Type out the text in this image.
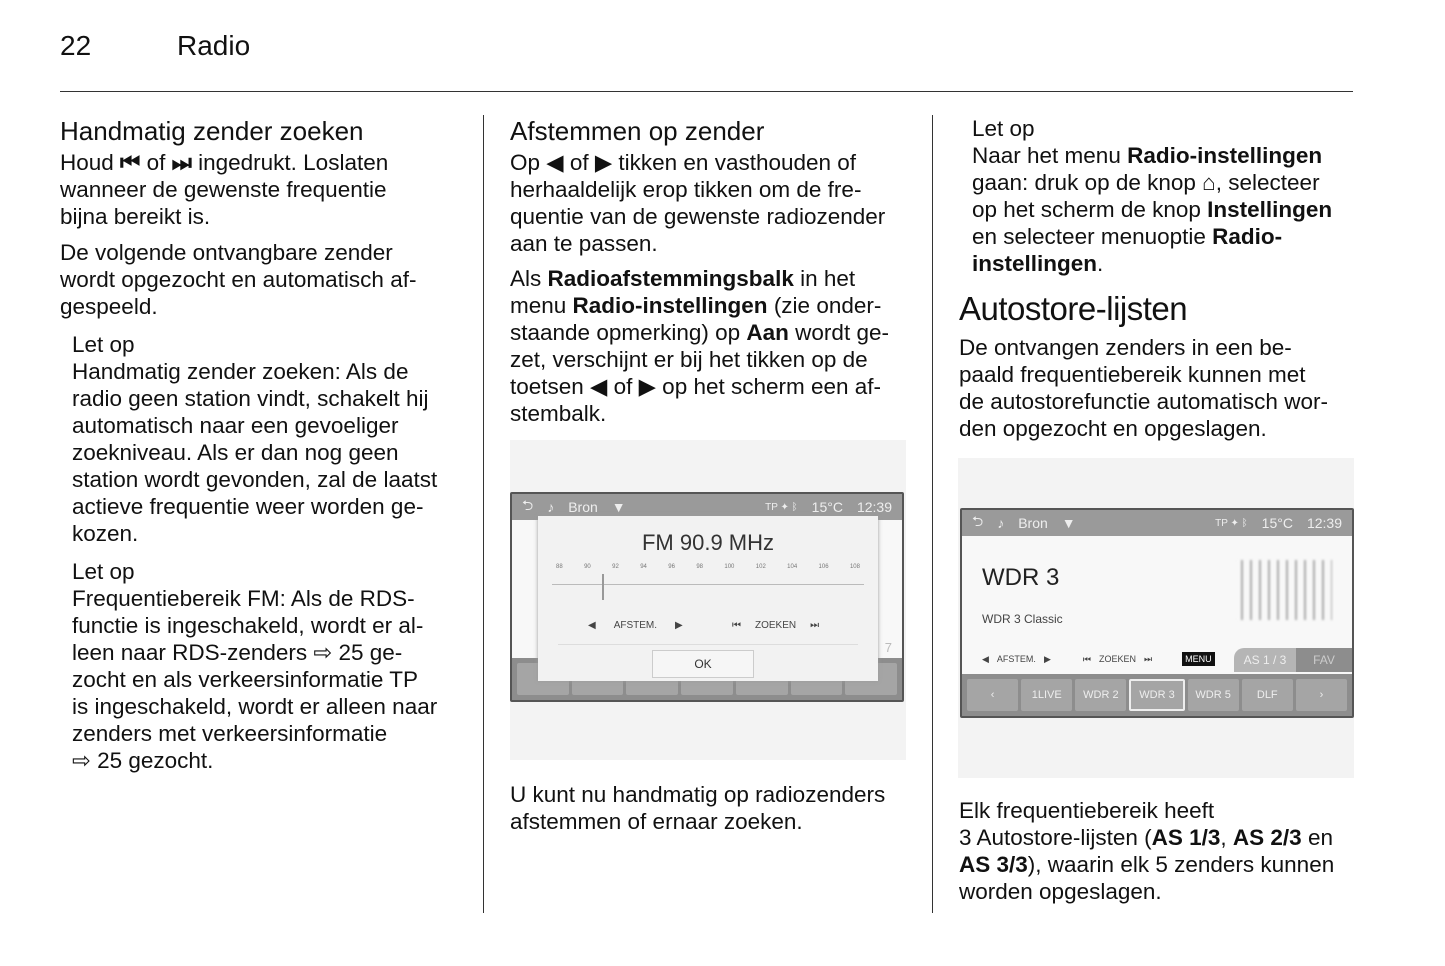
22	Radio
Handmatig zender zoeken
Houd ⏮ of ⏭ ingedrukt. Loslaten
wanneer de gewenste frequentie
bijna bereikt is.
De volgende ontvangbare zender
wordt opgezocht en automatisch af-
gespeeld.
Let op
Handmatig zender zoeken: Als de
radio geen station vindt, schakelt hij
automatisch naar een gevoeliger
zoekniveau. Als er dan nog geen
station wordt gevonden, zal de laatst
actieve frequentie weer worden ge-
kozen.
Let op
Frequentiebereik FM: Als de RDS-
functie is ingeschakeld, wordt er al-
leen naar RDS-zenders ⇨ 25 ge-
zocht en als verkeersinformatie TP
is ingeschakeld, wordt er alleen naar
zenders met verkeersinformatie
⇨ 25 gezocht.
Afstemmen op zender
Op ◀ of ▶ tikken en vasthouden of
herhaaldelijk erop tikken om de fre-
quentie van de gewenste radiozender
aan te passen.
Als Radioafstemmingsbalk in het
menu Radio-instellingen (zie onder-
staande opmerking) op Aan wordt ge-
zet, verschijnt er bij het tikken op de
toetsen ◀ of ▶ op het scherm een af-
stembalk.
⮌ ♪ Bron ▼	TP ✦ ᛒ 15°C 12:39
7
FM 90.9 MHz
88	90	92	94	96	98	100	102	104	106	108
◀ AFSTEM. ▶	⏮ ZOEKEN ⏭
OK
U kunt nu handmatig op radiozenders
afstemmen of ernaar zoeken.
Let op
Naar het menu Radio-instellingen
gaan: druk op de knop ⌂, selecteer
op het scherm de knop Instellingen
en selecteer menuoptie Radio-
instellingen.
Autostore-lijsten
De ontvangen zenders in een be-
paald frequentiebereik kunnen met
de autostorefunctie automatisch wor-
den opgezocht en opgeslagen.
⮌ ♪ Bron ▼	TP ✦ ᛒ 15°C 12:39
WDR 3
WDR 3 Classic
◀ AFSTEM. ▶	⏮ ZOEKEN ⏭	MENU	AS 1 / 3	FAV
‹	1LIVE	WDR 2	WDR 3	WDR 5	DLF	›
Elk frequentiebereik heeft
3 Autostore-lijsten (AS 1/3, AS 2/3 en
AS 3/3), waarin elk 5 zenders kunnen
worden opgeslagen.
